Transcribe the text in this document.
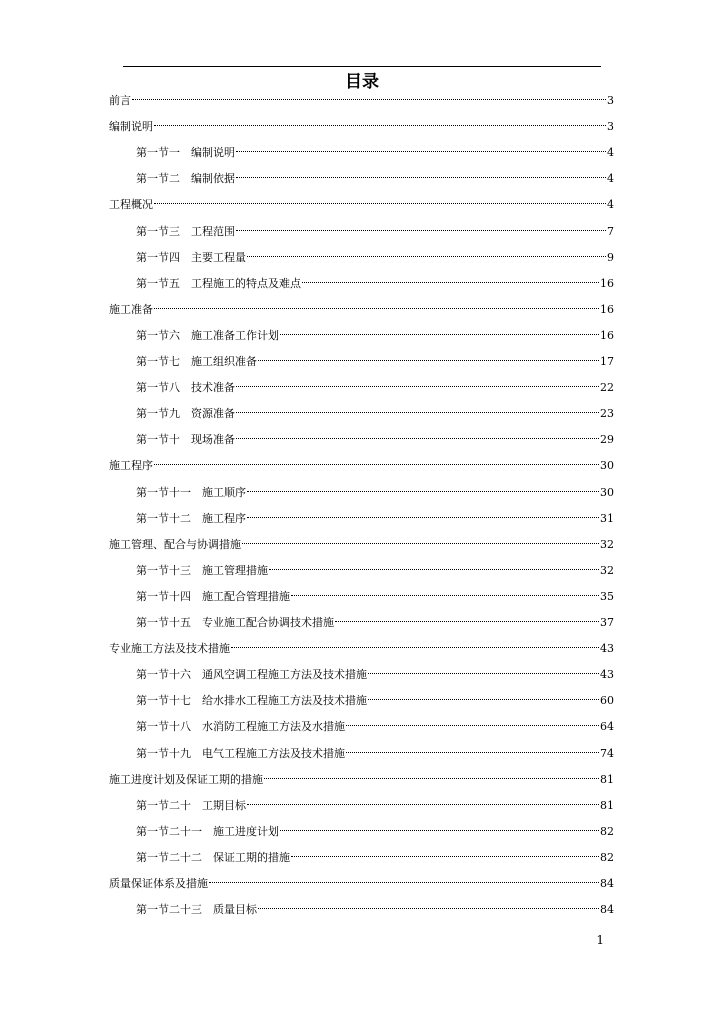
目录
前言	3
编制说明	3
第一节一 编制说明	4
第一节二 编制依据	4
工程概况	4
第一节三 工程范围	7
第一节四 主要工程量	9
第一节五 工程施工的特点及难点	16
施工准备	16
第一节六 施工准备工作计划	16
第一节七 施工组织准备	17
第一节八 技术准备	22
第一节九 资源准备	23
第一节十 现场准备	29
施工程序	30
第一节十一 施工顺序	30
第一节十二 施工程序	31
施工管理、配合与协调措施	32
第一节十三 施工管理措施	32
第一节十四 施工配合管理措施	35
第一节十五 专业施工配合协调技术措施	37
专业施工方法及技术措施	43
第一节十六 通风空调工程施工方法及技术措施	43
第一节十七 给水排水工程施工方法及技术措施	60
第一节十八 水消防工程施工方法及水措施	64
第一节十九 电气工程施工方法及技术措施	74
施工进度计划及保证工期的措施	81
第一节二十 工期目标	81
第一节二十一 施工进度计划	82
第一节二十二 保证工期的措施	82
质量保证体系及措施	84
第一节二十三 质量目标	84
1
